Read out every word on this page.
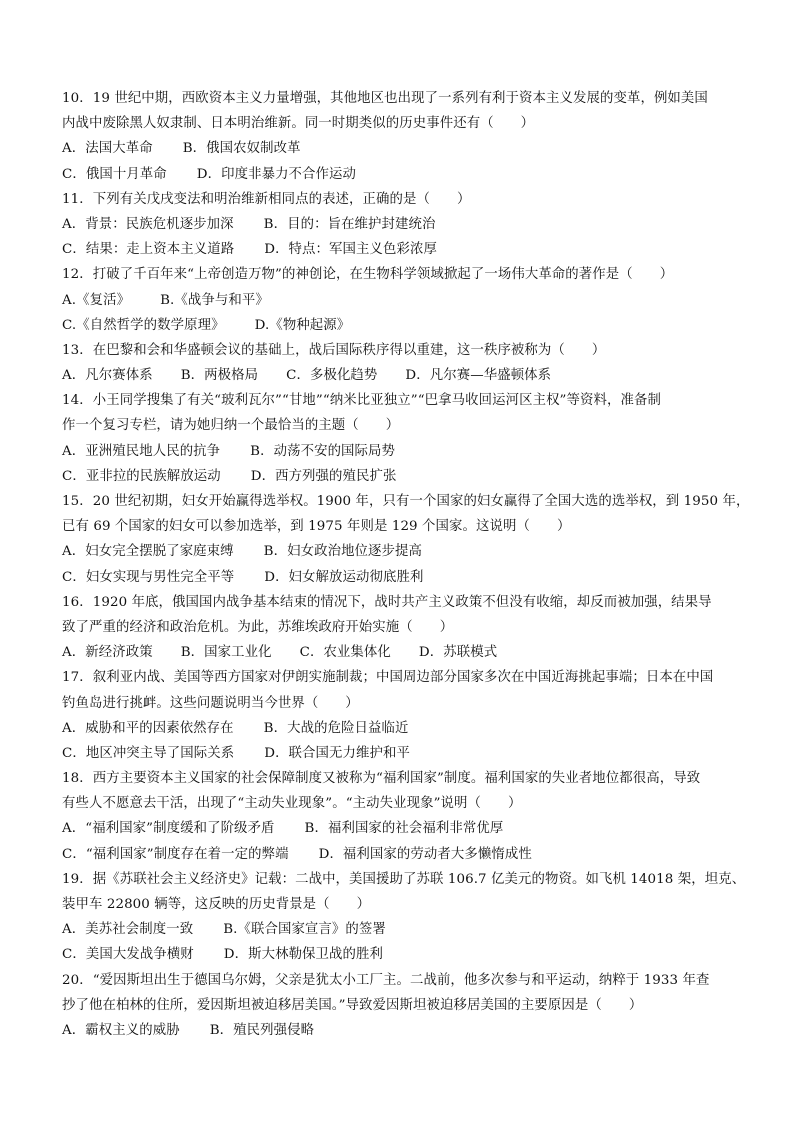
10．19 世纪中期，西欧资本主义力量增强，其他地区也出现了一系列有利于资本主义发展的变革，例如美国
内战中废除黑人奴隶制、日本明治维新。同一时期类似的历史事件还有（　　）
A．法国大革命 B．俄国农奴制改革
C．俄国十月革命 D．印度非暴力不合作运动
11．下列有关戊戌变法和明治维新相同点的表述，正确的是（　　）
A．背景：民族危机逐步加深 B．目的：旨在维护封建统治
C．结果：走上资本主义道路 D．特点：军国主义色彩浓厚
12．打破了千百年来“上帝创造万物”的神创论，在生物科学领域掀起了一场伟大革命的著作是（　　）
A.《复活》 B.《战争与和平》
C.《自然哲学的数学原理》 D.《物种起源》
13．在巴黎和会和华盛顿会议的基础上，战后国际秩序得以重建，这一秩序被称为（　　）
A．凡尔赛体系 B．两极格局 C．多极化趋势 D．凡尔赛—华盛顿体系
14．小王同学搜集了有关“玻利瓦尔”“甘地”“纳米比亚独立”“巴拿马收回运河区主权”等资料，准备制
作一个复习专栏，请为她归纳一个最恰当的主题（　　）
A．亚洲殖民地人民的抗争 B．动荡不安的国际局势
C．亚非拉的民族解放运动 D．西方列强的殖民扩张
15．20 世纪初期，妇女开始赢得选举权。1900 年，只有一个国家的妇女赢得了全国大选的选举权，到 1950 年，
已有 69 个国家的妇女可以参加选举，到 1975 年则是 129 个国家。这说明（　　）
A．妇女完全摆脱了家庭束缚 B．妇女政治地位逐步提高
C．妇女实现与男性完全平等 D．妇女解放运动彻底胜利
16．1920 年底，俄国国内战争基本结束的情况下，战时共产主义政策不但没有收缩，却反而被加强，结果导
致了严重的经济和政治危机。为此，苏维埃政府开始实施（　　）
A．新经济政策 B．国家工业化 C．农业集体化 D．苏联模式
17．叙利亚内战、美国等西方国家对伊朗实施制裁；中国周边部分国家多次在中国近海挑起事端；日本在中国
钓鱼岛进行挑衅。这些问题说明当今世界（　　）
A．威胁和平的因素依然存在 B．大战的危险日益临近
C．地区冲突主导了国际关系 D．联合国无力维护和平
18．西方主要资本主义国家的社会保障制度又被称为“福利国家”制度。福利国家的失业者地位都很高，导致
有些人不愿意去干活，出现了“主动失业现象”。“主动失业现象”说明（　　）
A．“福利国家”制度缓和了阶级矛盾 B．福利国家的社会福利非常优厚
C．“福利国家”制度存在着一定的弊端 D．福利国家的劳动者大多懒惰成性
19．据《苏联社会主义经济史》记载：二战中，美国援助了苏联 106.7 亿美元的物资。如飞机 14018 架，坦克、
装甲车 22800 辆等，这反映的历史背景是（　　）
A．美苏社会制度一致 B.《联合国家宣言》的签署
C．美国大发战争横财 D．斯大林勒保卫战的胜利
20．“爱因斯坦出生于德国乌尔姆，父亲是犹太小工厂主。二战前，他多次参与和平运动，纳粹于 1933 年查
抄了他在柏林的住所，爱因斯坦被迫移居美国。”导致爱因斯坦被迫移居美国的主要原因是（　　）
A．霸权主义的威胁 B．殖民列强侵略
